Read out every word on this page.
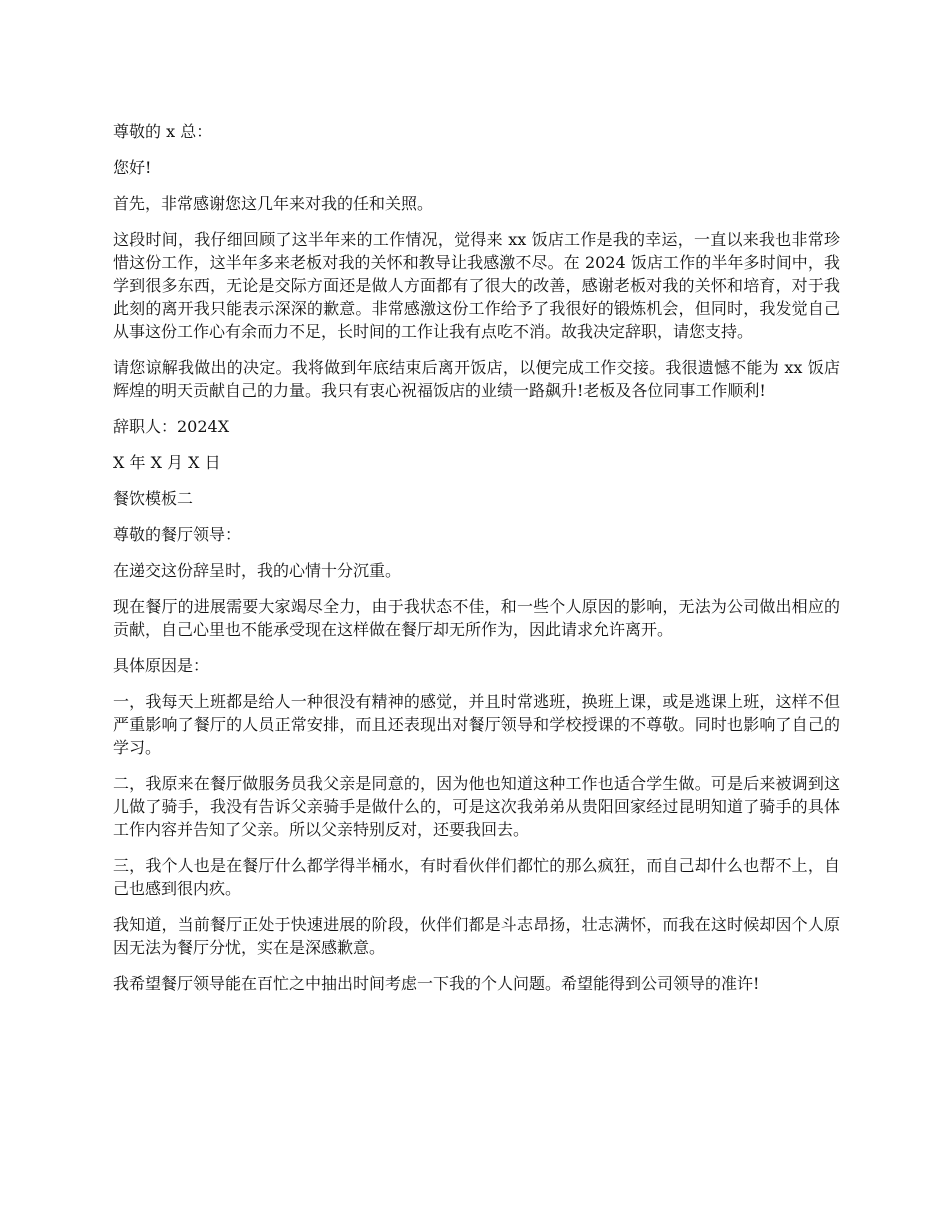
尊敬的 x 总：

您好!

首先，非常感谢您这几年来对我的任和关照。

这段时间，我仔细回顾了这半年来的工作情况，觉得来 xx 饭店工作是我的幸运，一直以来我也非常珍惜这份工作，这半年多来老板对我的关怀和教导让我感激不尽。在 2024 饭店工作的半年多时间中，我学到很多东西，无论是交际方面还是做人方面都有了很大的改善，感谢老板对我的关怀和培育，对于我此刻的离开我只能表示深深的歉意。非常感激这份工作给予了我很好的锻炼机会，但同时，我发觉自己从事这份工作心有余而力不足，长时间的工作让我有点吃不消。故我决定辞职，请您支持。

请您谅解我做出的决定。我将做到年底结束后离开饭店，以便完成工作交接。我很遗憾不能为 xx 饭店辉煌的明天贡献自己的力量。我只有衷心祝福饭店的业绩一路飙升!老板及各位同事工作顺利!

辞职人：2024X

X 年 X 月 X 日

餐饮模板二

尊敬的餐厅领导：

在递交这份辞呈时，我的心情十分沉重。

现在餐厅的进展需要大家竭尽全力，由于我状态不佳，和一些个人原因的影响，无法为公司做出相应的贡献，自己心里也不能承受现在这样做在餐厅却无所作为，因此请求允许离开。

具体原因是：

一，我每天上班都是给人一种很没有精神的感觉，并且时常逃班，换班上课，或是逃课上班，这样不但严重影响了餐厅的人员正常安排，而且还表现出对餐厅领导和学校授课的不尊敬。同时也影响了自己的学习。

二，我原来在餐厅做服务员我父亲是同意的，因为他也知道这种工作也适合学生做。可是后来被调到这儿做了骑手，我没有告诉父亲骑手是做什么的，可是这次我弟弟从贵阳回家经过昆明知道了骑手的具体工作内容并告知了父亲。所以父亲特别反对，还要我回去。

三，我个人也是在餐厅什么都学得半桶水，有时看伙伴们都忙的那么疯狂，而自己却什么也帮不上，自己也感到很内疚。

我知道，当前餐厅正处于快速进展的阶段，伙伴们都是斗志昂扬，壮志满怀，而我在这时候却因个人原因无法为餐厅分忧，实在是深感歉意。

我希望餐厅领导能在百忙之中抽出时间考虑一下我的个人问题。希望能得到公司领导的准许!
